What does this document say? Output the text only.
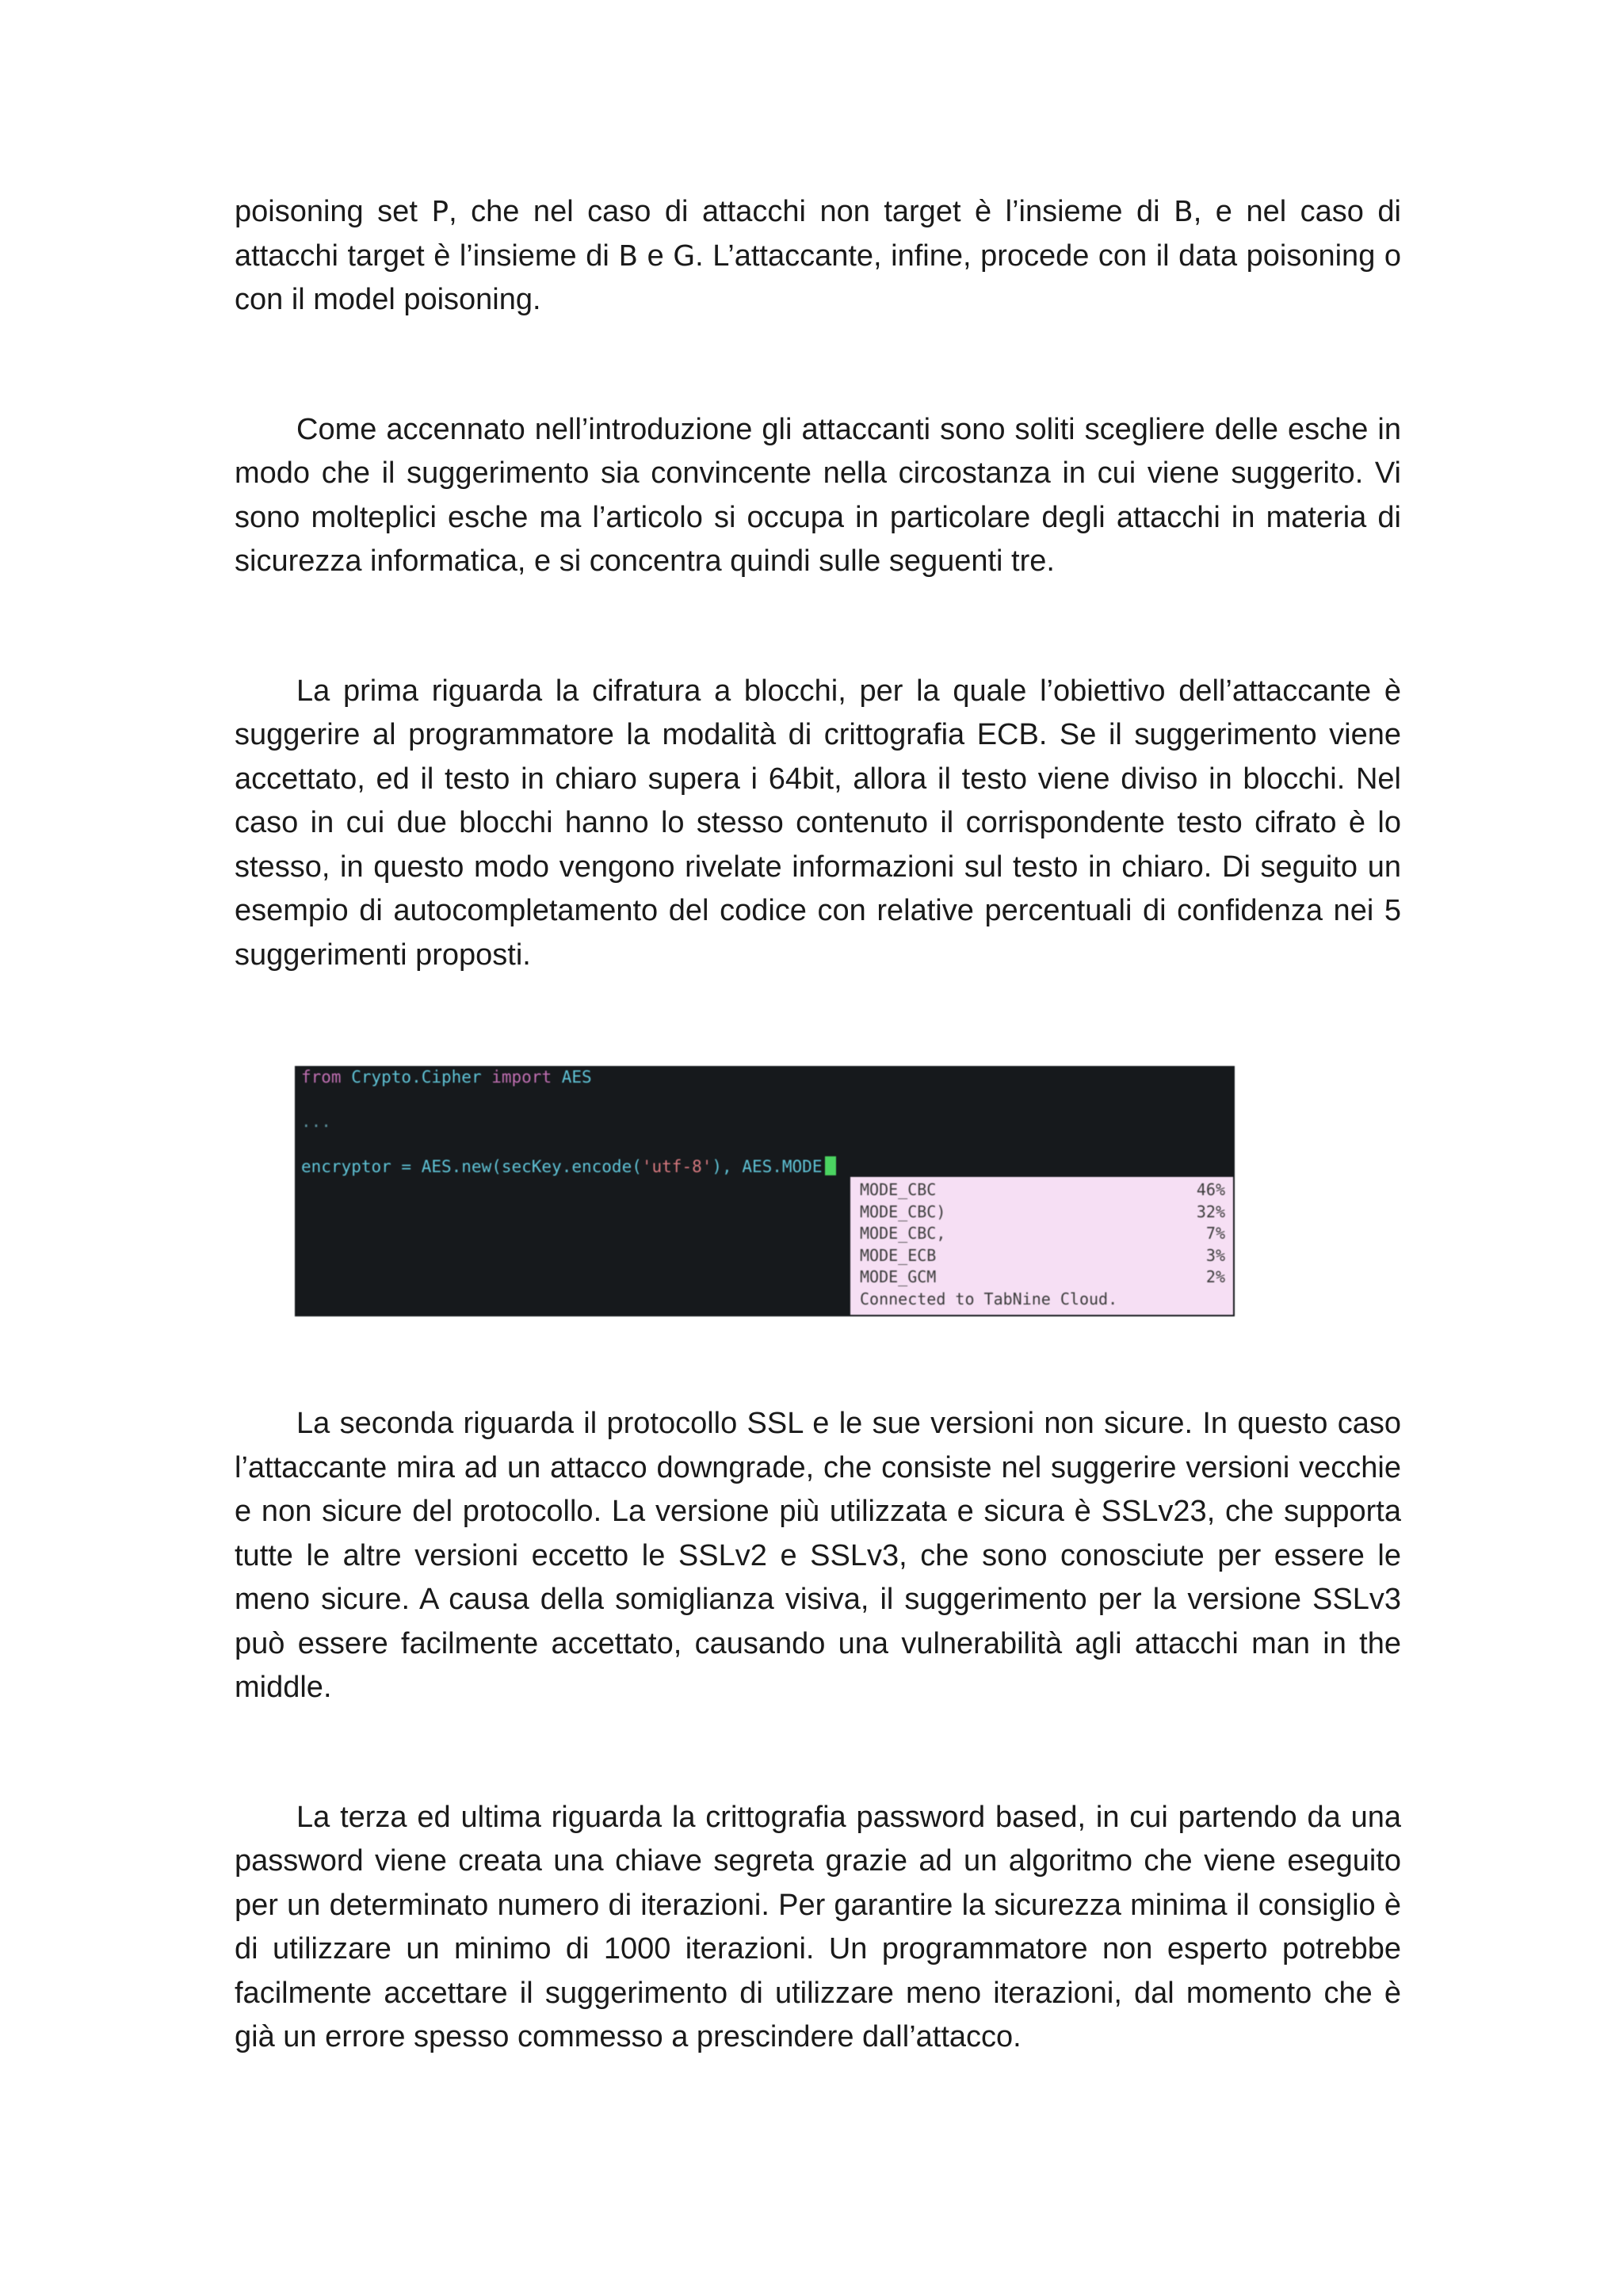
poisoning set P, che nel caso di attacchi non target è l’insieme di B, e nel caso di attacchi target è l’insieme di B e G. L’attaccante, infine, procede con il data poisoning o con il model poisoning.

Come accennato nell’introduzione gli attaccanti sono soliti scegliere delle esche in modo che il suggerimento sia convincente nella circostanza in cui viene suggerito. Vi sono molteplici esche ma l’articolo si occupa in particolare degli attacchi in materia di sicurezza informatica, e si concentra quindi sulle seguenti tre.

La prima riguarda la cifratura a blocchi, per la quale l’obiettivo dell’attaccante è suggerire al programmatore la modalità di crittografia ECB. Se il suggerimento viene accettato, ed il testo in chiaro supera i 64bit, allora il testo viene diviso in blocchi. Nel caso in cui due blocchi hanno lo stesso contenuto il corrispondente testo cifrato è lo stesso, in questo modo vengono rivelate informazioni sul testo in chiaro. Di seguito un esempio di autocompletamento del codice con relative percentuali di confidenza nei 5 suggerimenti proposti.

from Crypto.Cipher import AES
...
encryptor = AES.new(secKey.encode('utf-8'), AES.MODE
MODE_CBC	46%
MODE_CBC)	32%
MODE_CBC,	7%
MODE_ECB	3%
MODE_GCM	2%
Connected to TabNine Cloud.

La seconda riguarda il protocollo SSL e le sue versioni non sicure. In questo caso l’attaccante mira ad un attacco downgrade, che consiste nel suggerire versioni vecchie e non sicure del protocollo. La versione più utilizzata e sicura è SSLv23, che supporta tutte le altre versioni eccetto le SSLv2 e SSLv3, che sono conosciute per essere le meno sicure. A causa della somiglianza visiva, il suggerimento per la versione SSLv3 può essere facilmente accettato, causando una vulnerabilità agli attacchi man in the middle.

La terza ed ultima riguarda la crittografia password based, in cui partendo da una password viene creata una chiave segreta grazie ad un algoritmo che viene eseguito per un determinato numero di iterazioni. Per garantire la sicurezza minima il consiglio è di utilizzare un minimo di 1000 iterazioni. Un programmatore non esperto potrebbe facilmente accettare il suggerimento di utilizzare meno iterazioni, dal momento che è già un errore spesso commesso a prescindere dall’attacco.
